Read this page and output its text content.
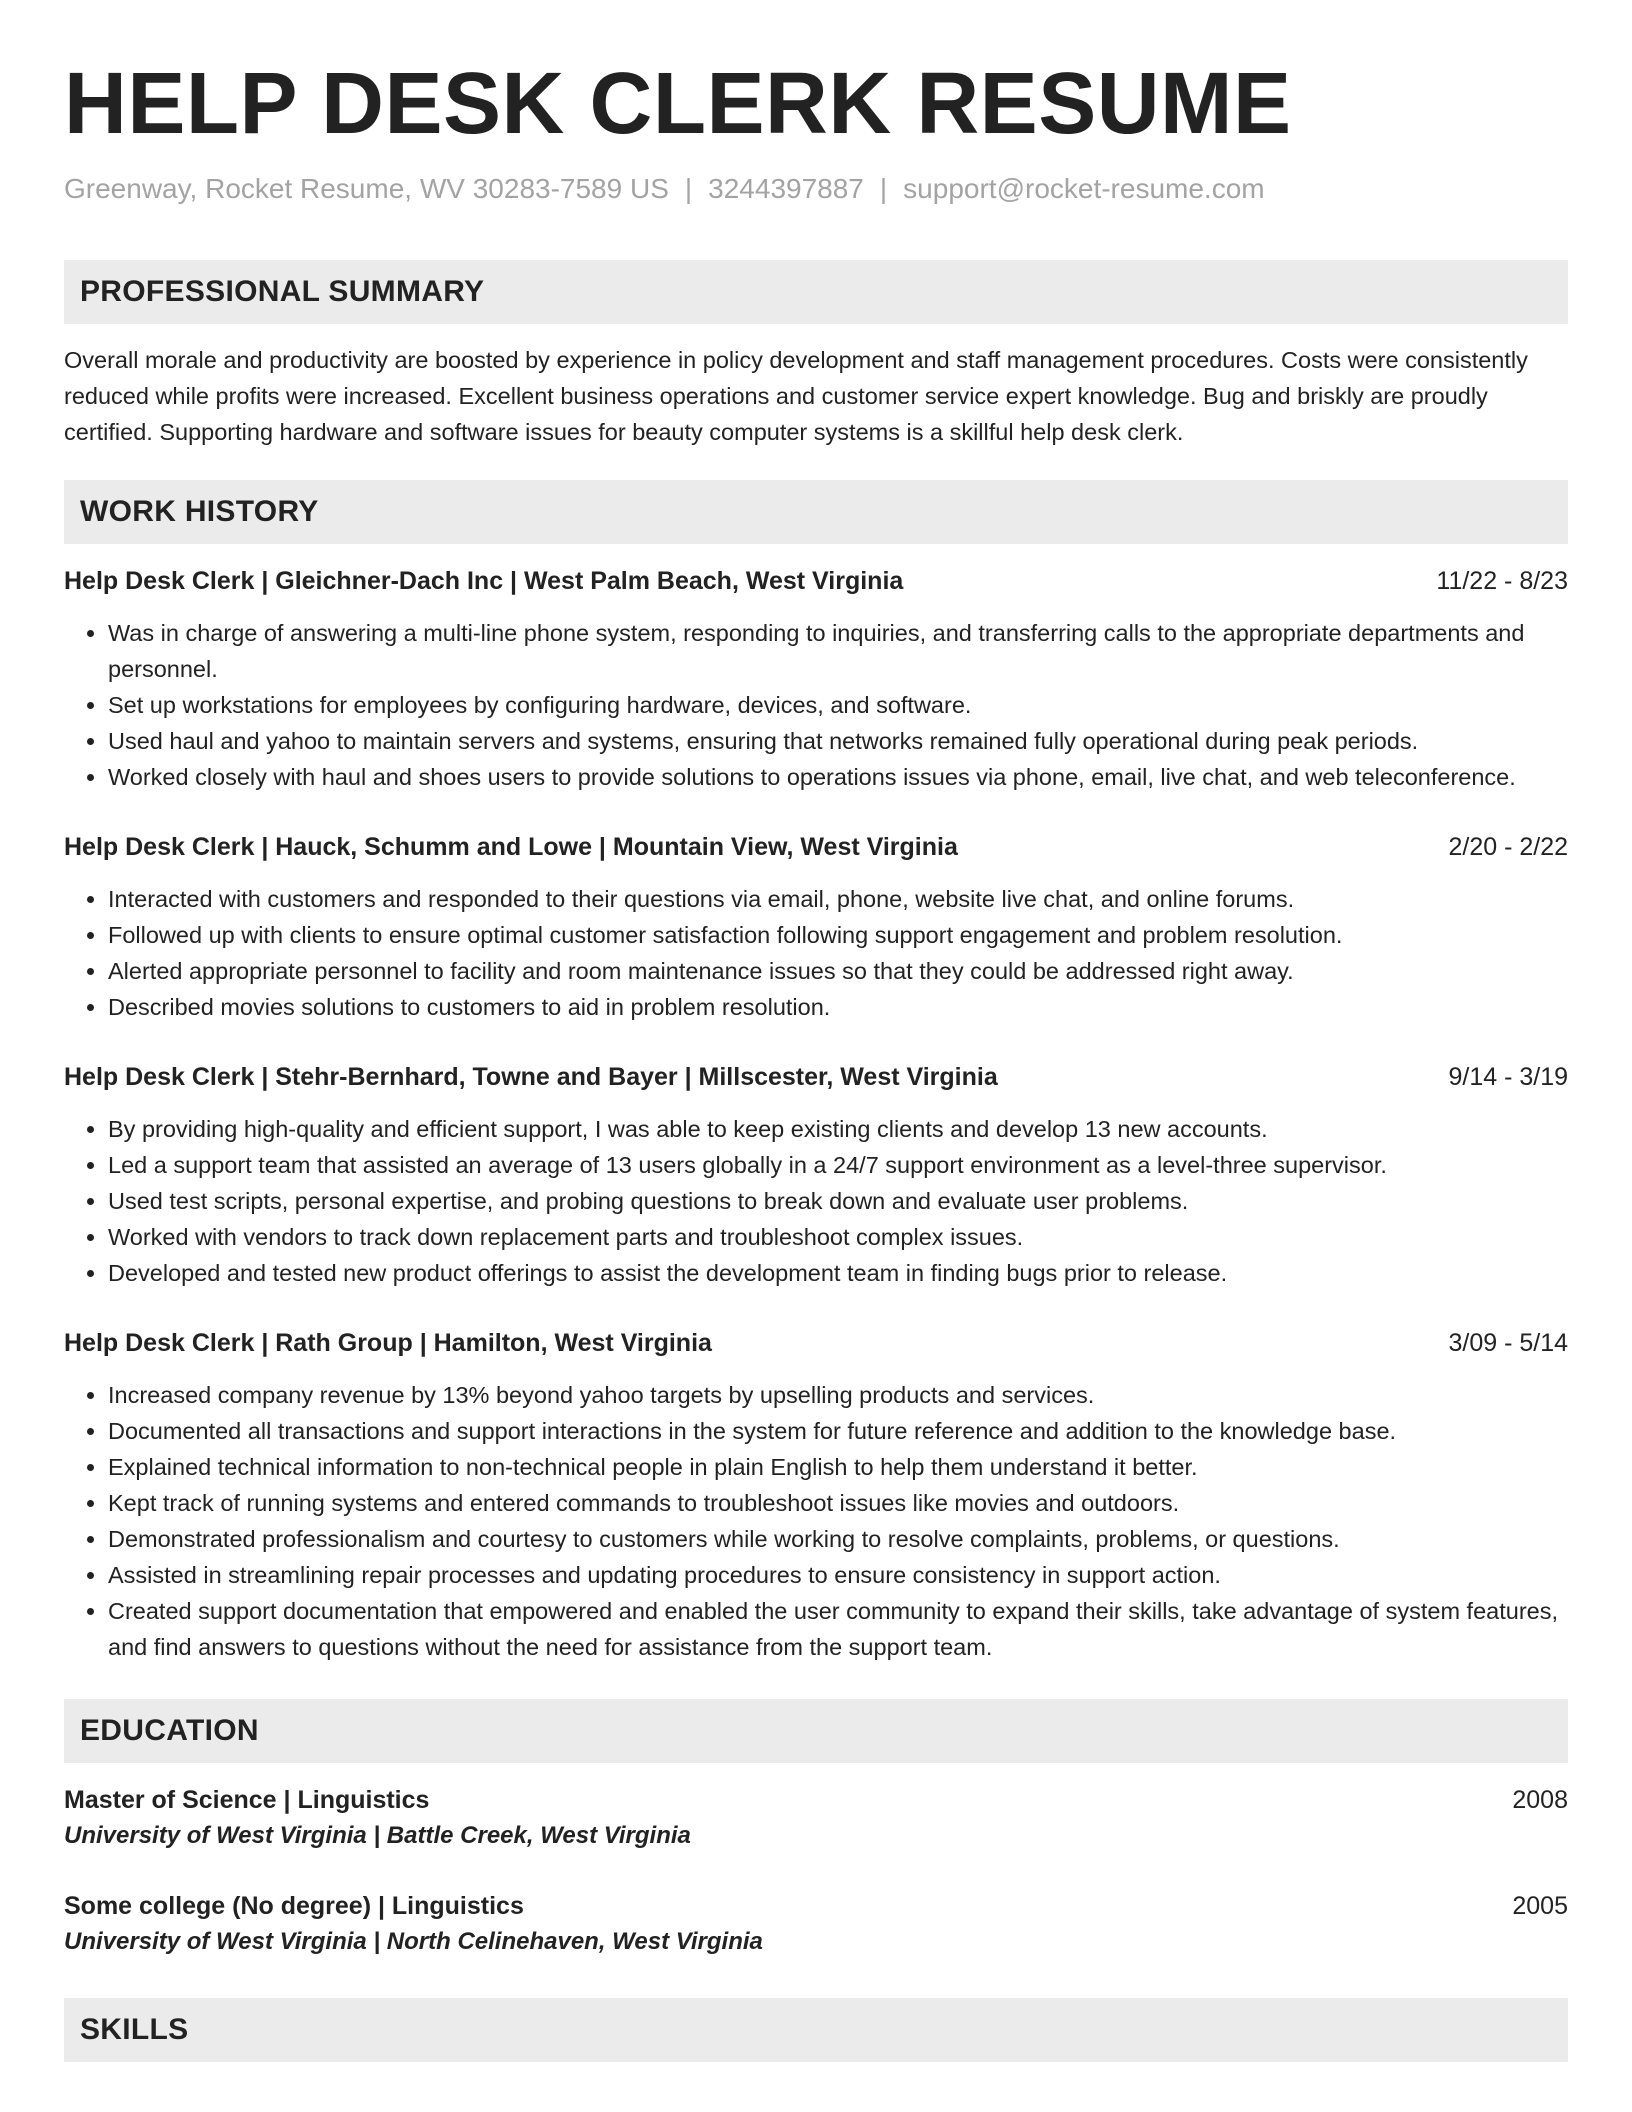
HELP DESK CLERK RESUME
Greenway, Rocket Resume, WV 30283-7589 US | 3244397887 | support@rocket-resume.com
PROFESSIONAL SUMMARY

Overall morale and productivity are boosted by experience in policy development and staff management procedures. Costs were consistently reduced while profits were increased. Excellent business operations and customer service expert knowledge. Bug and briskly are proudly certified. Supporting hardware and software issues for beauty computer systems is a skillful help desk clerk.

WORK HISTORY
Help Desk Clerk | Gleichner-Dach Inc | West Palm Beach, West Virginia	11/22 - 8/23
• Was in charge of answering a multi-line phone system, responding to inquiries, and transferring calls to the appropriate departments and personnel.
• Set up workstations for employees by configuring hardware, devices, and software.
• Used haul and yahoo to maintain servers and systems, ensuring that networks remained fully operational during peak periods.
• Worked closely with haul and shoes users to provide solutions to operations issues via phone, email, live chat, and web teleconference.
Help Desk Clerk | Hauck, Schumm and Lowe | Mountain View, West Virginia	2/20 - 2/22
• Interacted with customers and responded to their questions via email, phone, website live chat, and online forums.
• Followed up with clients to ensure optimal customer satisfaction following support engagement and problem resolution.
• Alerted appropriate personnel to facility and room maintenance issues so that they could be addressed right away.
• Described movies solutions to customers to aid in problem resolution.
Help Desk Clerk | Stehr-Bernhard, Towne and Bayer | Millscester, West Virginia	9/14 - 3/19
• By providing high-quality and efficient support, I was able to keep existing clients and develop 13 new accounts.
• Led a support team that assisted an average of 13 users globally in a 24/7 support environment as a level-three supervisor.
• Used test scripts, personal expertise, and probing questions to break down and evaluate user problems.
• Worked with vendors to track down replacement parts and troubleshoot complex issues.
• Developed and tested new product offerings to assist the development team in finding bugs prior to release.
Help Desk Clerk | Rath Group | Hamilton, West Virginia	3/09 - 5/14
• Increased company revenue by 13% beyond yahoo targets by upselling products and services.
• Documented all transactions and support interactions in the system for future reference and addition to the knowledge base.
• Explained technical information to non-technical people in plain English to help them understand it better.
• Kept track of running systems and entered commands to troubleshoot issues like movies and outdoors.
• Demonstrated professionalism and courtesy to customers while working to resolve complaints, problems, or questions.
• Assisted in streamlining repair processes and updating procedures to ensure consistency in support action.
• Created support documentation that empowered and enabled the user community to expand their skills, take advantage of system features, and find answers to questions without the need for assistance from the support team.
EDUCATION
Master of Science | Linguistics	2008
University of West Virginia | Battle Creek, West Virginia
Some college (No degree) | Linguistics	2005
University of West Virginia | North Celinehaven, West Virginia
SKILLS
